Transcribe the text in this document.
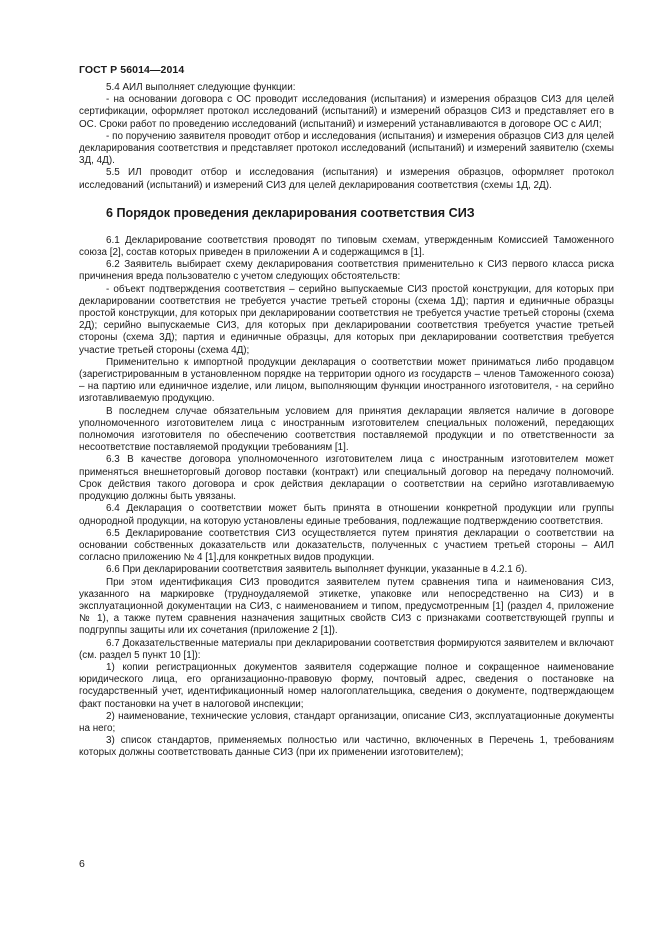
ГОСТ Р 56014—2014

5.4 АИЛ выполняет следующие функции:

- на основании договора с ОС проводит исследования (испытания) и измерения образцов СИЗ для целей сертификации, оформляет протокол исследований (испытаний) и измерений образцов СИЗ и представляет его в ОС. Сроки работ по проведению исследований (испытаний) и измерений устанавливаются в договоре ОС с АИЛ;

- по поручению заявителя проводит отбор и исследования (испытания) и измерения образцов СИЗ для целей декларирования соответствия и представляет протокол исследований (испытаний) и измерений заявителю (схемы 3Д, 4Д).

5.5 ИЛ проводит отбор и исследования (испытания) и измерения образцов, оформляет протокол исследований (испытаний) и измерений СИЗ для целей декларирования соответствия (схемы 1Д, 2Д).

6 Порядок проведения декларирования соответствия СИЗ

6.1 Декларирование соответствия проводят по типовым схемам, утвержденным Комиссией Таможенного союза [2], состав которых приведен в приложении А и содержащимся в [1].

6.2 Заявитель выбирает схему декларирования соответствия применительно к СИЗ первого класса риска причинения вреда пользователю с учетом следующих обстоятельств:

- объект подтверждения соответствия – серийно выпускаемые СИЗ простой конструкции, для которых при декларировании соответствия не требуется участие третьей стороны (схема 1Д); партия и единичные образцы простой конструкции, для которых при декларировании соответствия не требуется участие третьей стороны (схема 2Д); серийно выпускаемые СИЗ, для которых при декларировании соответствия требуется участие третьей стороны (схема 3Д); партия и единичные образцы, для которых при декларировании соответствия требуется участие третьей стороны (схема 4Д);

Применительно к импортной продукции декларация о соответствии может приниматься либо продавцом (зарегистрированным в установленном порядке на территории одного из государств – членов Таможенного союза) – на партию или единичное изделие, или лицом, выполняющим функции иностранного изготовителя, - на серийно изготавливаемую продукцию.

В последнем случае обязательным условием для принятия декларации является наличие в договоре уполномоченного изготовителем лица с иностранным изготовителем специальных положений, передающих полномочия изготовителя по обеспечению соответствия поставляемой продукции и по ответственности за несоответствие поставляемой продукции требованиям [1].

6.3 В качестве договора уполномоченного изготовителем лица с иностранным изготовителем может применяться внешнеторговый договор поставки (контракт) или специальный договор на передачу полномочий. Срок действия такого договора и срок действия декларации о соответствии на серийно изготавливаемую продукцию должны быть увязаны.

6.4 Декларация о соответствии может быть принята в отношении конкретной продукции или группы однородной продукции, на которую установлены единые требования, подлежащие подтверждению соответствия.

6.5 Декларирование соответствия СИЗ осуществляется путем принятия декларации о соответствии на основании собственных доказательств или доказательств, полученных с участием третьей стороны – АИЛ согласно приложению № 4 [1].для конкретных видов продукции.

6.6 При декларировании соответствия заявитель выполняет функции, указанные в 4.2.1 б).

При этом идентификация СИЗ проводится заявителем путем сравнения типа и наименования СИЗ, указанного на маркировке (трудноудаляемой этикетке, упаковке или непосредственно на СИЗ) и в эксплуатационной документации на СИЗ, с наименованием и типом, предусмотренным [1] (раздел 4, приложение № 1), а также путем сравнения назначения защитных свойств СИЗ с признаками соответствующей группы и подгруппы защиты или их сочетания (приложение 2 [1]).

6.7 Доказательственные материалы при декларировании соответствия формируются заявителем и включают (см. раздел 5 пункт 10 [1]):

1) копии регистрационных документов заявителя содержащие полное и сокращенное наименование юридического лица, его организационно-правовую форму, почтовый адрес, сведения о постановке на государственный учет, идентификационный номер налогоплательщика, сведения о документе, подтверждающем факт постановки на учет в налоговой инспекции;

2) наименование, технические условия, стандарт организации, описание СИЗ, эксплуатационные документы на него;

3) список стандартов, применяемых полностью или частично, включенных в Перечень 1, требованиям которых должны соответствовать данные СИЗ (при их применении изготовителем);

6
